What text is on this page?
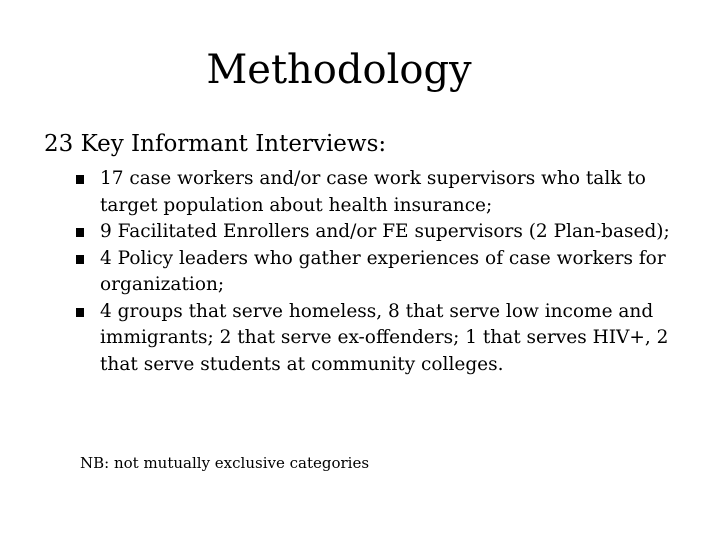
Methodology

23 Key Informant Interviews:

17 case workers and/or case work supervisors who talk to target population about health insurance;
9 Facilitated Enrollers and/or FE supervisors (2 Plan-based);
4 Policy leaders who gather experiences of case workers for organization;
4 groups that serve homeless, 8 that serve low income and immigrants; 2 that serve ex-offenders; 1 that serves HIV+, 2 that serve students at community colleges.

NB: not mutually exclusive categories
